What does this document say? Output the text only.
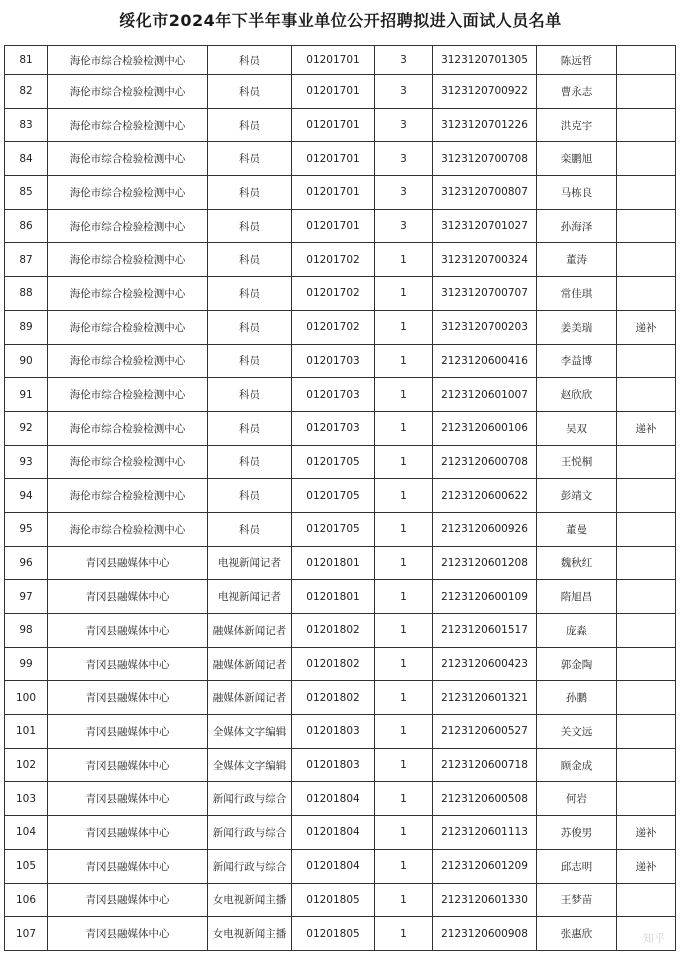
绥化市2024年下半年事业单位公开招聘拟进入面试人员名单
81	海伦市综合检验检测中心	科员	01201701	3	3123120701305	陈远哲	
82	海伦市综合检验检测中心	科员	01201701	3	3123120700922	曹永志	
83	海伦市综合检验检测中心	科员	01201701	3	3123120701226	洪克宇	
84	海伦市综合检验检测中心	科员	01201701	3	3123120700708	栾鹏旭	
85	海伦市综合检验检测中心	科员	01201701	3	3123120700807	马栋良	
86	海伦市综合检验检测中心	科员	01201701	3	3123120701027	孙海泽	
87	海伦市综合检验检测中心	科员	01201702	1	3123120700324	董涛	
88	海伦市综合检验检测中心	科员	01201702	1	3123120700707	常佳琪	
89	海伦市综合检验检测中心	科员	01201702	1	3123120700203	姜美瑞	递补
90	海伦市综合检验检测中心	科员	01201703	1	2123120600416	李益博	
91	海伦市综合检验检测中心	科员	01201703	1	2123120601007	赵欣欣	
92	海伦市综合检验检测中心	科员	01201703	1	2123120600106	吴双	递补
93	海伦市综合检验检测中心	科员	01201705	1	2123120600708	王悦桐	
94	海伦市综合检验检测中心	科员	01201705	1	2123120600622	彭靖文	
95	海伦市综合检验检测中心	科员	01201705	1	2123120600926	董曼	
96	青冈县融媒体中心	电视新闻记者	01201801	1	2123120601208	魏秋红	
97	青冈县融媒体中心	电视新闻记者	01201801	1	2123120600109	隋旭昌	
98	青冈县融媒体中心	融媒体新闻记者	01201802	1	2123120601517	庞淼	
99	青冈县融媒体中心	融媒体新闻记者	01201802	1	2123120600423	郭金陶	
100	青冈县融媒体中心	融媒体新闻记者	01201802	1	2123120601321	孙鹏	
101	青冈县融媒体中心	全媒体文字编辑	01201803	1	2123120600527	关文远	
102	青冈县融媒体中心	全媒体文字编辑	01201803	1	2123120600718	顾金成	
103	青冈县融媒体中心	新闻行政与综合	01201804	1	2123120600508	何岩	
104	青冈县融媒体中心	新闻行政与综合	01201804	1	2123120601113	苏俊男	递补
105	青冈县融媒体中心	新闻行政与综合	01201804	1	2123120601209	邱志明	递补
106	青冈县融媒体中心	女电视新闻主播	01201805	1	2123120601330	王梦苗	
107	青冈县融媒体中心	女电视新闻主播	01201805	1	2123120600908	张惠欣		知乎
